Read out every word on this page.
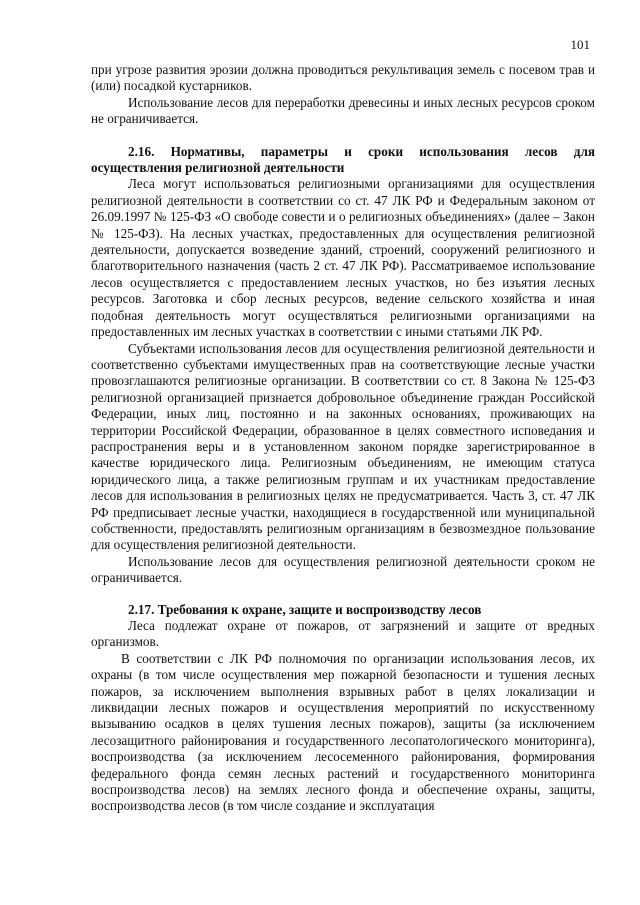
101

при угрозе развития эрозии должна проводиться рекультивация земель с посевом трав и (или) посадкой кустарников.

Использование лесов для переработки древесины и иных лесных ресурсов сроком не ограничивается.

2.16. Нормативы, параметры и сроки использования лесов для осуществления религиозной деятельности

Леса могут использоваться религиозными организациями для осуществления религиозной деятельности в соответствии со ст. 47 ЛК РФ и Федеральным законом от 26.09.1997 № 125-ФЗ «О свободе совести и о религиозных объединениях» (далее – Закон № 125-ФЗ). На лесных участках, предоставленных для осуществления религиозной деятельности, допускается возведение зданий, строений, сооружений религиозного и благотворительного назначения (часть 2 ст. 47 ЛК РФ). Рассматриваемое использование лесов осуществляется с предоставлением лесных участков, но без изъятия лесных ресурсов. Заготовка и сбор лесных ресурсов, ведение сельского хозяйства и иная подобная деятельность могут осуществляться религиозными организациями на предоставленных им лесных участках в соответствии с иными статьями ЛК РФ.

Субъектами использования лесов для осуществления религиозной деятельности и соответственно субъектами имущественных прав на соответствующие лесные участки провозглашаются религиозные организации. В соответствии со ст. 8 Закона № 125-ФЗ религиозной организацией признается добровольное объединение граждан Российской Федерации, иных лиц, постоянно и на законных основаниях, проживающих на территории Российской Федерации, образованное в целях совместного исповедания и распространения веры и в установленном законом порядке зарегистрированное в качестве юридического лица. Религиозным объединениям, не имеющим статуса юридического лица, а также религиозным группам и их участникам предоставление лесов для использования в религиозных целях не предусматривается. Часть 3, ст. 47 ЛК РФ предписывает лесные участки, находящиеся в государственной или муниципальной собственности, предоставлять религиозным организациям в безвозмездное пользование для осуществления религиозной деятельности.

Использование лесов для осуществления религиозной деятельности сроком не ограничивается.

2.17. Требования к охране, защите и воспроизводству лесов

Леса подлежат охране от пожаров, от загрязнений и защите от вредных организмов.

В соответствии с ЛК РФ полномочия по организации использования лесов, их охраны (в том числе осуществления мер пожарной безопасности и тушения лесных пожаров, за исключением выполнения взрывных работ в целях локализации и ликвидации лесных пожаров и осуществления мероприятий по искусственному вызыванию осадков в целях тушения лесных пожаров), защиты (за исключением лесозащитного районирования и государственного лесопатологического мониторинга), воспроизводства (за исключением лесосеменного районирования, формирования федерального фонда семян лесных растений и государственного мониторинга воспроизводства лесов) на землях лесного фонда и обеспечение охраны, защиты, воспроизводства лесов (в том числе создание и эксплуатация
